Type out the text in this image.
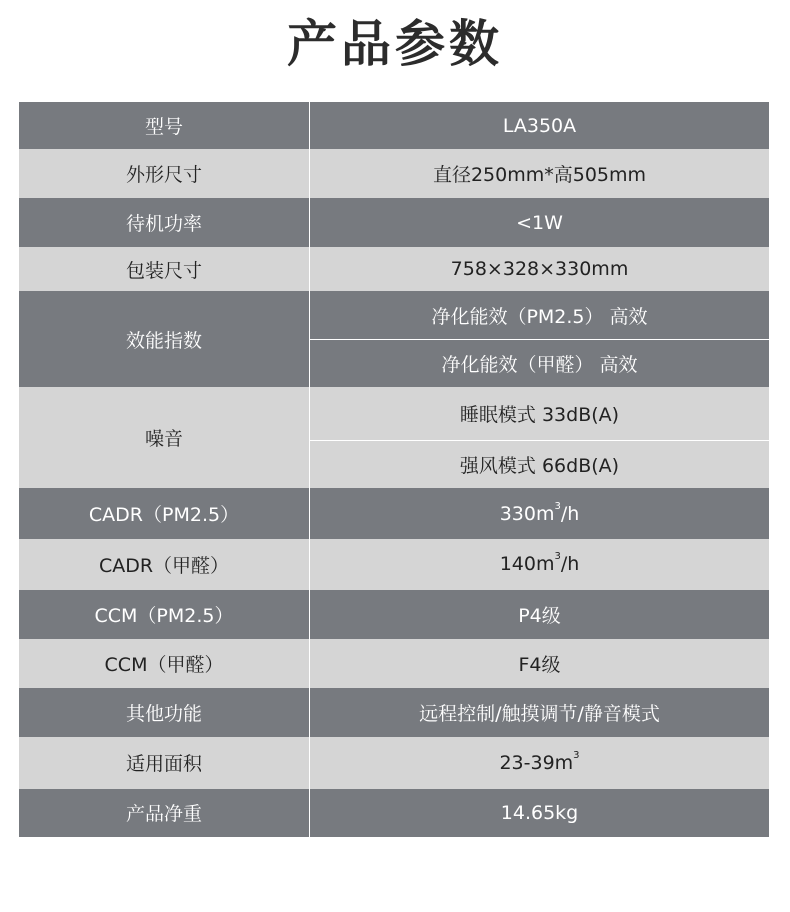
产品参数
型号	LA350A
外形尺寸	直径250mm*高505mm
待机功率	<1W
包装尺寸	758×328×330mm
效能指数	净化能效（PM2.5） 高效
	净化能效（甲醛） 高效
噪音	睡眠模式 33dB(A)
	强风模式 66dB(A)
CADR（PM2.5）	$330m^3/h$
CADR（甲醛）	$140m^3/h$
CCM（PM2.5）	P4级
CCM（甲醛）	F4级
其他功能	远程控制/触摸调节/静音模式
适用面积	$23-39m^3$
产品净重	14.65kg
